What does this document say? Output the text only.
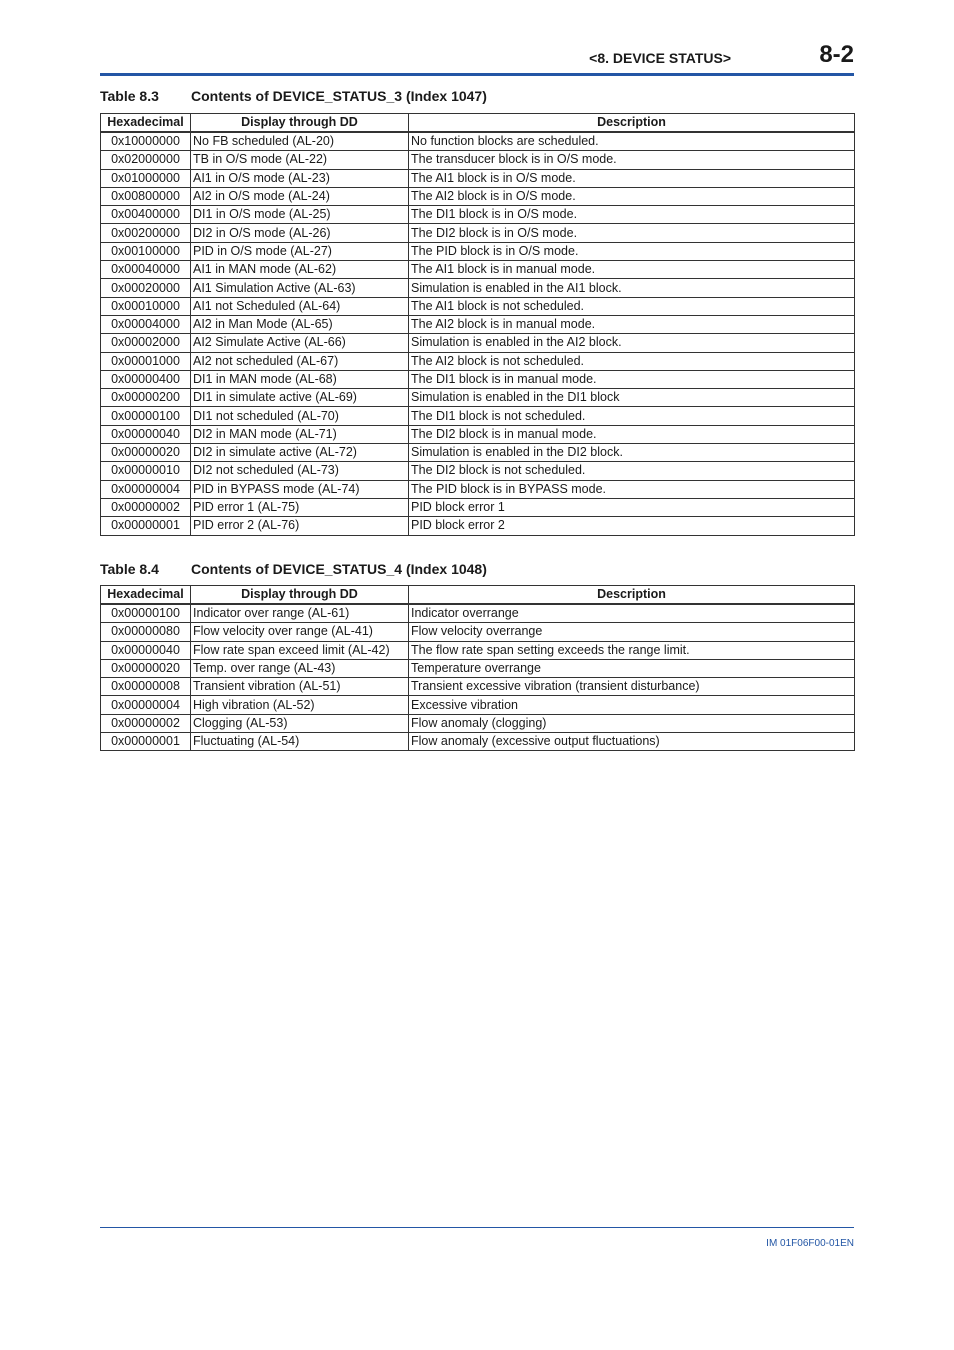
<8. DEVICE STATUS>	8-2
Table 8.3 Contents of DEVICE_STATUS_3 (Index 1047)
Hexadecimal	Display through DD	Description
0x10000000	No FB scheduled (AL-20)	No function blocks are scheduled.
0x02000000	TB in O/S mode (AL-22)	The transducer block is in O/S mode.
0x01000000	AI1 in O/S mode (AL-23)	The AI1 block is in O/S mode.
0x00800000	AI2 in O/S mode (AL-24)	The AI2 block is in O/S mode.
0x00400000	DI1 in O/S mode (AL-25)	The DI1 block is in O/S mode.
0x00200000	DI2 in O/S mode (AL-26)	The DI2 block is in O/S mode.
0x00100000	PID in O/S mode (AL-27)	The PID block is in O/S mode.
0x00040000	AI1 in MAN mode (AL-62)	The AI1 block is in manual mode.
0x00020000	AI1 Simulation Active (AL-63)	Simulation is enabled in the AI1 block.
0x00010000	AI1 not Scheduled (AL-64)	The AI1 block is not scheduled.
0x00004000	AI2 in Man Mode (AL-65)	The AI2 block is in manual mode.
0x00002000	AI2 Simulate Active (AL-66)	Simulation is enabled in the AI2 block.
0x00001000	AI2 not scheduled (AL-67)	The AI2 block is not scheduled.
0x00000400	DI1 in MAN mode (AL-68)	The DI1 block is in manual mode.
0x00000200	DI1 in simulate active (AL-69)	Simulation is enabled in the DI1 block
0x00000100	DI1 not scheduled (AL-70)	The DI1 block is not scheduled.
0x00000040	DI2 in MAN mode (AL-71)	The DI2 block is in manual mode.
0x00000020	DI2 in simulate active (AL-72)	Simulation is enabled in the DI2 block.
0x00000010	DI2 not scheduled (AL-73)	The DI2 block is not scheduled.
0x00000004	PID in BYPASS mode (AL-74)	The PID block is in BYPASS mode.
0x00000002	PID error 1 (AL-75)	PID block error 1
0x00000001	PID error 2 (AL-76)	PID block error 2
Table 8.4 Contents of DEVICE_STATUS_4 (Index 1048)
Hexadecimal	Display through DD	Description
0x00000100	Indicator over range (AL-61)	Indicator overrange
0x00000080	Flow velocity over range (AL-41)	Flow velocity overrange
0x00000040	Flow rate span exceed limit (AL-42)	The flow rate span setting exceeds the range limit.
0x00000020	Temp. over range (AL-43)	Temperature overrange
0x00000008	Transient vibration (AL-51)	Transient excessive vibration (transient disturbance)
0x00000004	High vibration (AL-52)	Excessive vibration
0x00000002	Clogging (AL-53)	Flow anomaly (clogging)
0x00000001	Fluctuating (AL-54)	Flow anomaly (excessive output fluctuations)
IM 01F06F00-01EN
